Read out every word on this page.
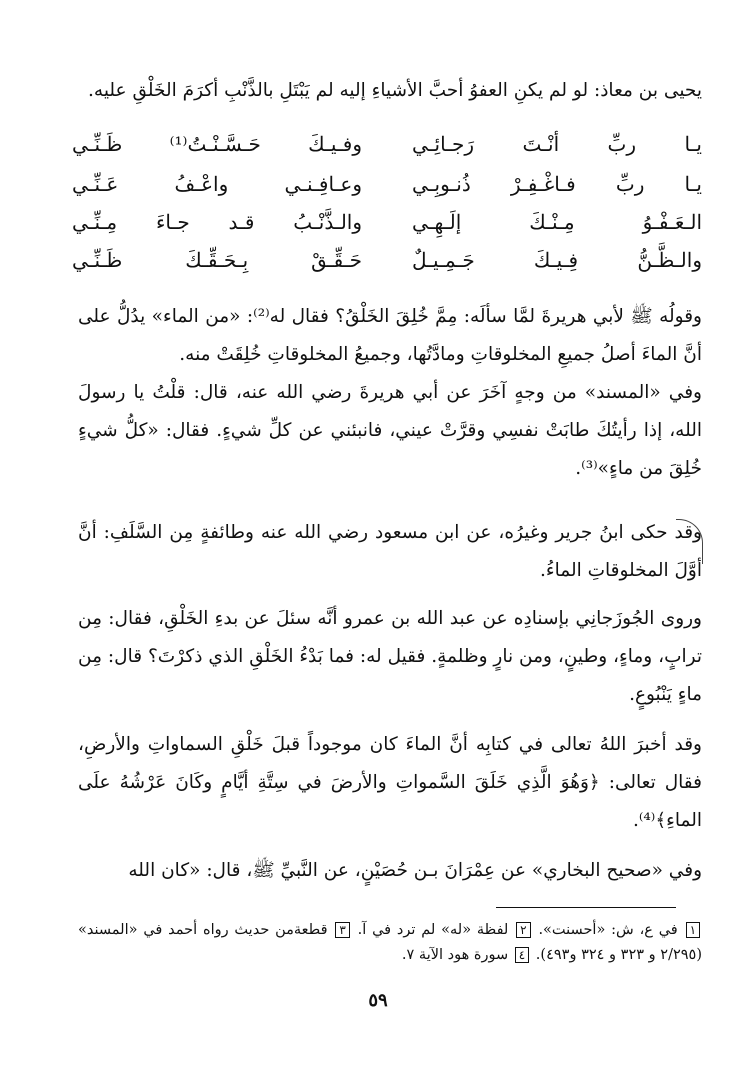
يحيى بن معاذ: لو لم يكنِ العفوُ أحبَّ الأشياءِ إليه لم يَبْتَلِ بالذَّنْبِ أكرَمَ الخَلْقِ عليه.
يـا ربِّ أنْـتَ رَجـائِـي
وفـيـكَ حَـسَّـنْـتُ⁽¹⁾ ظَـنِّـي
يـا ربِّ فـاغْـفِـرْ ذُنـوبِـي
وعـافِـنـي واعْـفُ عَـنِّـي
الـعَـفْـوُ مِـنْـكَ إلَـهِـي
والـذَّنْـبُ قـد جـاءَ مِـنِّـي
والـظَّـنُّ فِـيـكَ جَـمِـيـلٌ
حَـقِّـقْ بِـحَـقِّـكَ ظَـنِّـي
وقولُه ﷺ لأبي هريرةَ لمَّا سألَه: مِمَّ خُلِقَ الخَلْقُ؟ فقال له⁽²⁾: «من الماء» يدُلُّ على أنَّ الماءَ أصلُ جميعِ المخلوقاتِ ومادَّتُها، وجميعُ المخلوقاتِ خُلِقَتْ منه.
وفي «المسند» من وجهٍ آخَرَ عن أبي هريرةَ رضي الله عنه، قال: قلْتُ يا رسولَ الله، إذا رأيتُكَ طابَتْ نفسِي وقرَّتْ عيني، فانبئني عن كلِّ شيءٍ. فقال: «كلُّ شيءٍ خُلِقَ من ماءٍ»⁽³⁾.
وقد حكى ابنُ جرير وغيرُه، عن ابن مسعود رضي الله عنه وطائفةٍ مِن السَّلَفِ: أنَّ أوَّلَ المخلوقاتِ الماءُ.
وروى الجُوزَجانِي بإسنادِه عن عبد الله بن عمرو أنَّه سئلَ عن بدءِ الخَلْقِ، فقال: مِن ترابٍ، وماءٍ، وطينٍ، ومن نارٍ وظلمةٍ. فقيل له: فما بَدْءُ الخَلْقِ الذي ذكرْتَ؟ قال: مِن ماءٍ يَنْبُوعٍ.
وقد أخبرَ اللهُ تعالى في كتابِه أنَّ الماءَ كان موجوداً قبلَ خَلْقِ السماواتِ والأرضِ، فقال تعالى: ﴿وَهُوَ الَّذِي خَلَقَ السَّمواتِ والأرضَ في سِتَّةِ أيَّامٍ وكَانَ عَرْشُهُ علَى الماءِ﴾⁽⁴⁾.
وفي «صحيح البخاري» عن عِمْرَانَ بـن حُصَيْنٍ، عن النَّبيِّ ﷺ، قال: «كان الله
١ في ع، ش: «أحسنت». ٢ لفظة «له» لم ترد في آ. ٣ قطعةمن حديث رواه أحمد في «المسند» (٢/٢٩٥ و ٣٢٣ و ٣٢٤ و٤٩٣). ٤ سورة هود الآية ٧.
٥٩
